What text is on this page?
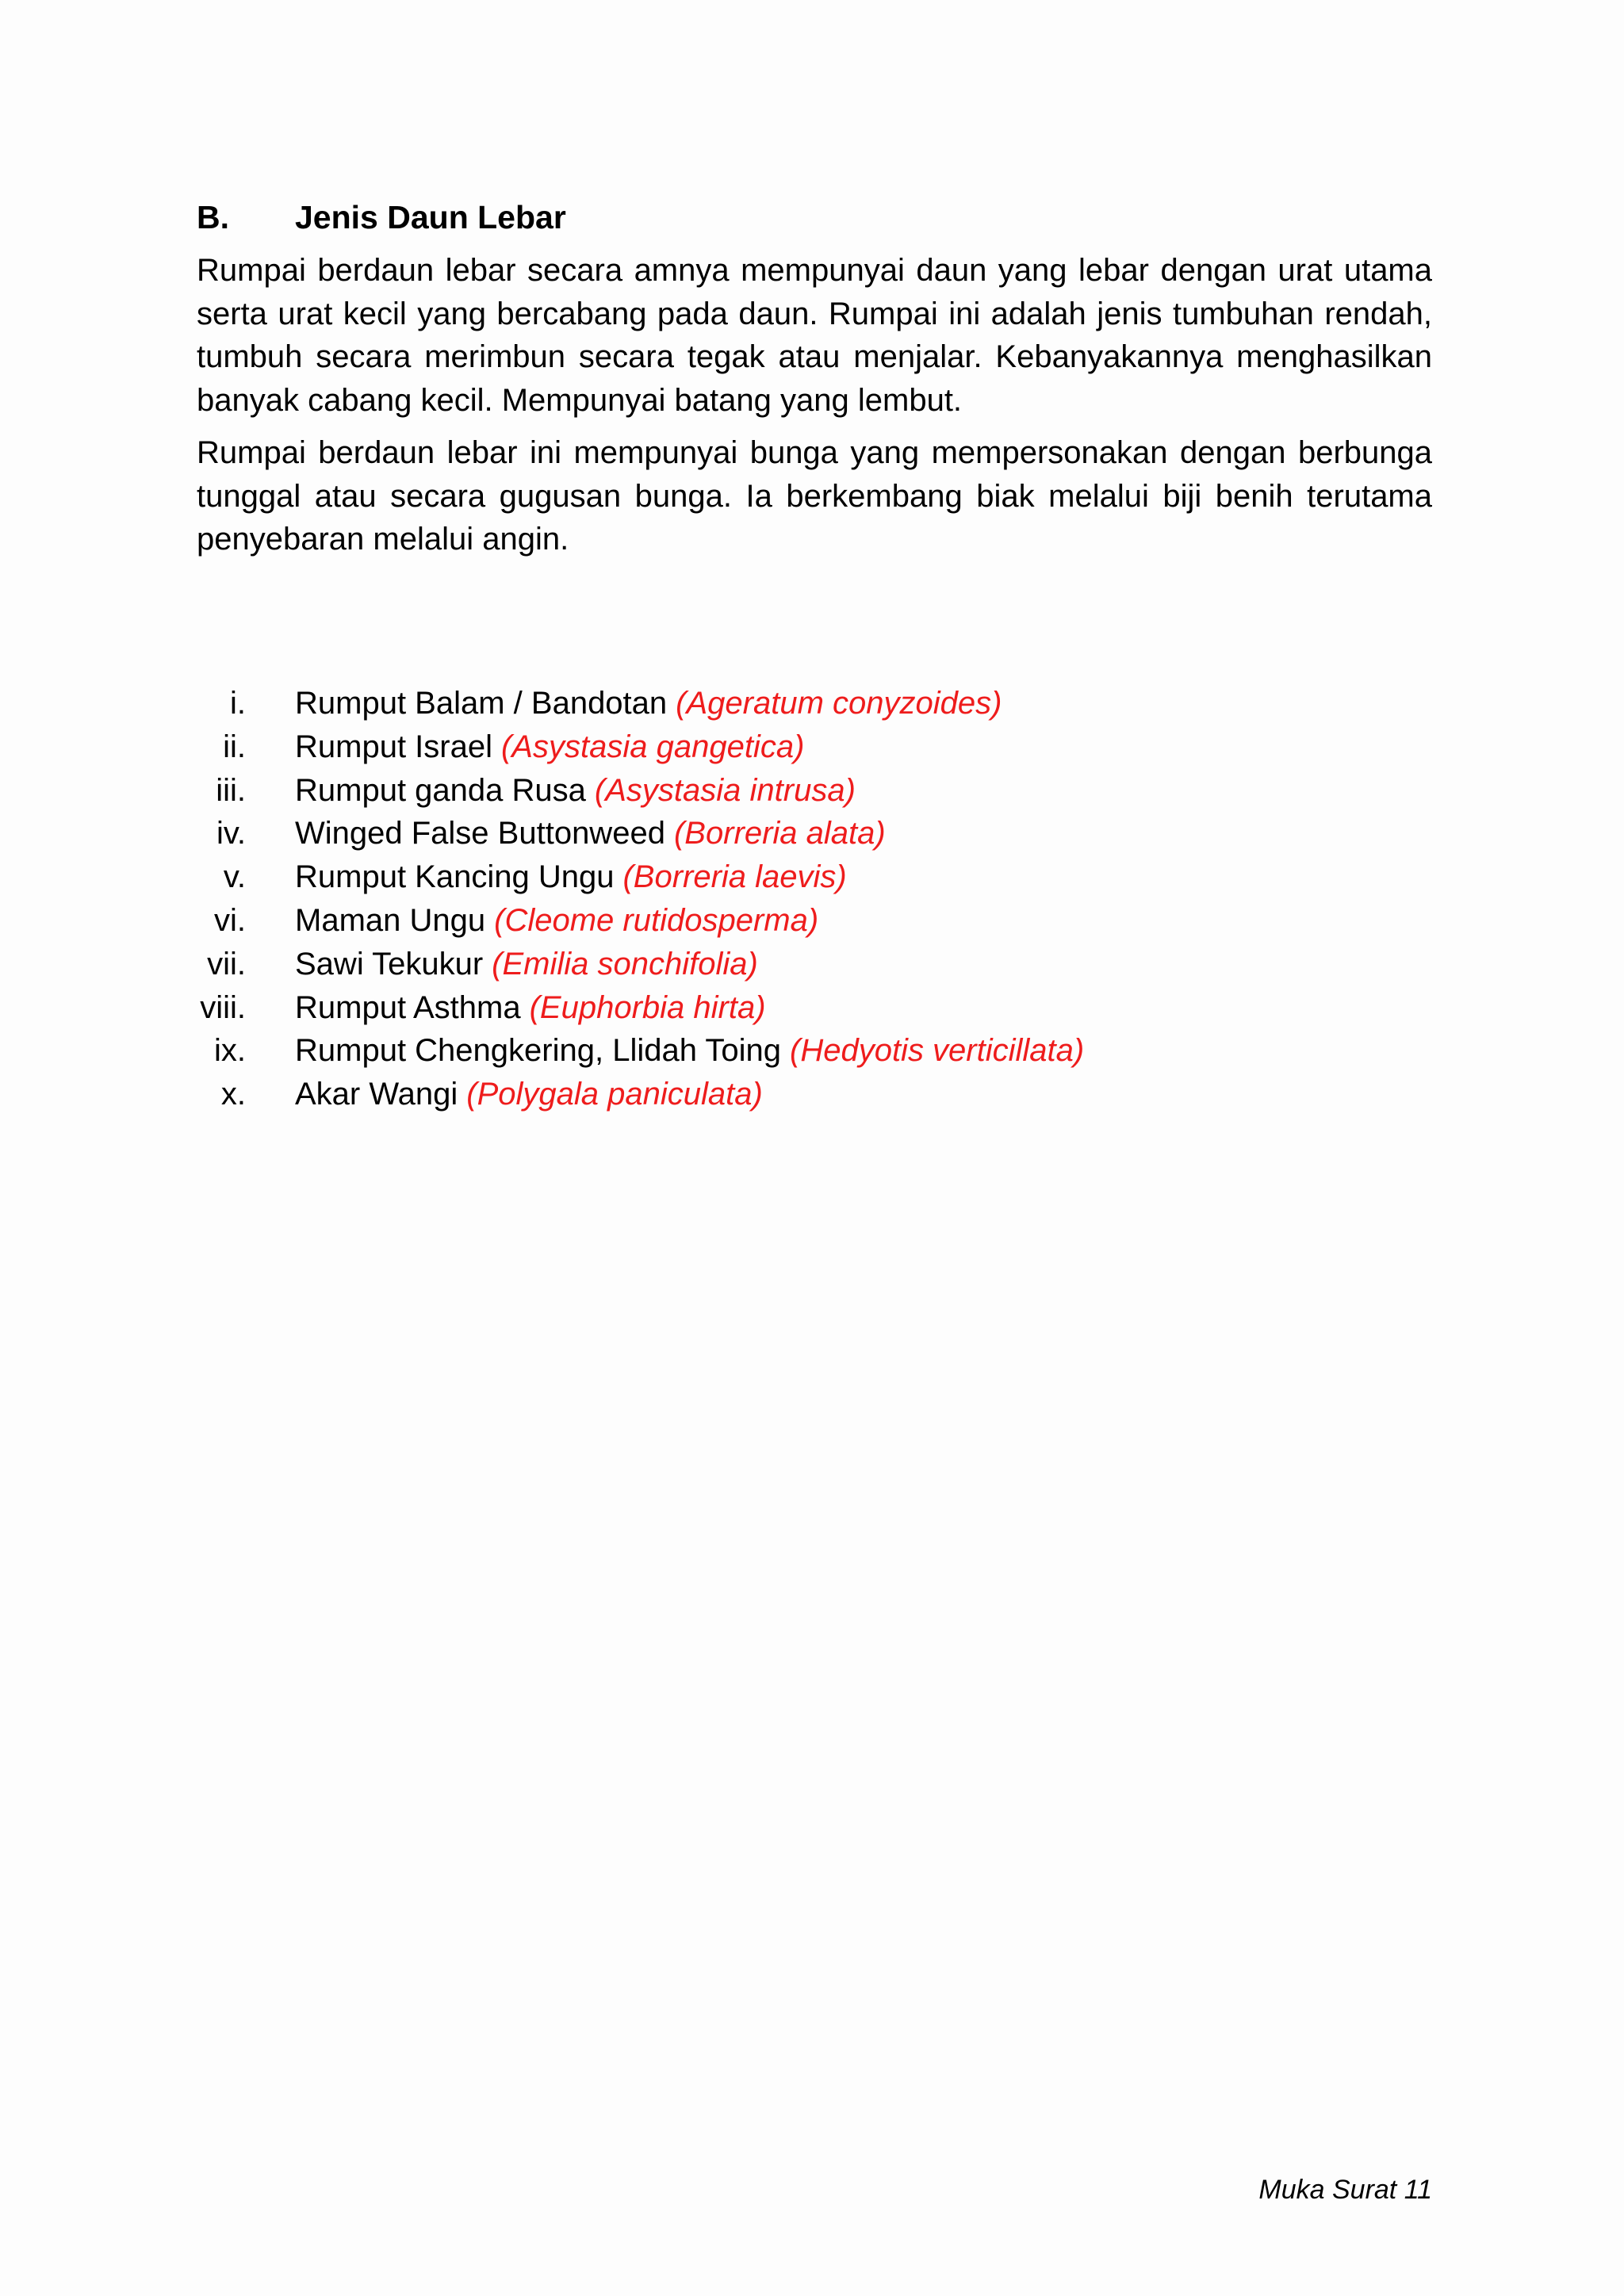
B. Jenis Daun Lebar

Rumpai berdaun lebar secara amnya mempunyai daun yang lebar dengan urat utama serta urat kecil yang bercabang pada daun. Rumpai ini adalah jenis tumbuhan rendah, tumbuh secara merimbun secara tegak atau menjalar. Kebanyakannya menghasilkan banyak cabang kecil. Mempunyai batang yang lembut.

Rumpai berdaun lebar ini mempunyai bunga yang mempersonakan dengan berbunga tunggal atau secara gugusan bunga. Ia berkembang biak melalui biji benih terutama penyebaran melalui angin.

i. Rumput Balam / Bandotan (Ageratum conyzoides)
ii. Rumput Israel (Asystasia gangetica)
iii. Rumput ganda Rusa (Asystasia intrusa)
iv. Winged False Buttonweed (Borreria alata)
v. Rumput Kancing Ungu (Borreria laevis)
vi. Maman Ungu (Cleome rutidosperma)
vii. Sawi Tekukur (Emilia sonchifolia)
viii. Rumput Asthma (Euphorbia hirta)
ix. Rumput Chengkering, Llidah Toing (Hedyotis verticillata)
x. Akar Wangi (Polygala paniculata)
Muka Surat 11
